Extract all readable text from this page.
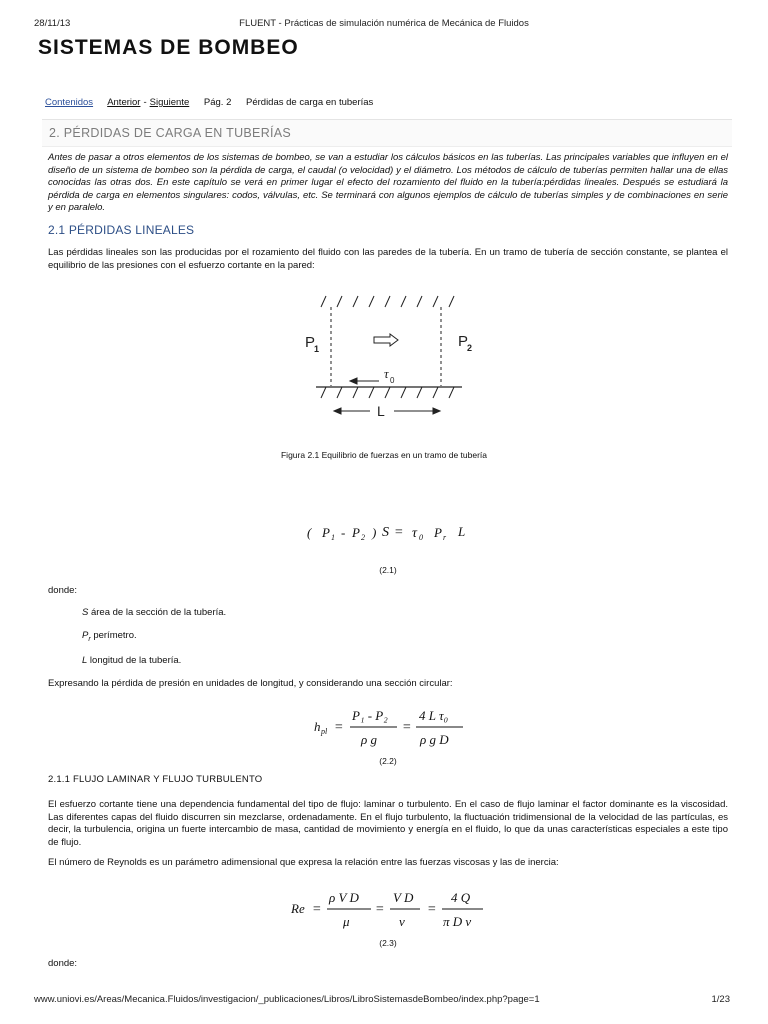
28/11/13	FLUENT - Prácticas de simulación numérica de Mecánica de Fluidos
SISTEMAS DE BOMBEO
Contenidos Anterior - Siguiente Pág. 2 Pérdidas de carga en tuberías
2. PÉRDIDAS DE CARGA EN TUBERÍAS
Antes de pasar a otros elementos de los sistemas de bombeo, se van a estudiar los cálculos básicos en las tuberías. Las principales variables que influyen en el diseño de un sistema de bombeo son la pérdida de carga, el caudal (o velocidad) y el diámetro. Los métodos de cálculo de tuberías permiten hallar una de ellas conocidas las otras dos. En este capítulo se verá en primer lugar el efecto del rozamiento del fluido en la tubería:pérdidas lineales. Después se estudiará la pérdida de carga en elementos singulares: codos, válvulas, etc. Se terminará con algunos ejemplos de cálculo de tuberías simples y de combinaciones en serie y en paralelo.
2.1 PÉRDIDAS LINEALES
Las pérdidas lineales son las producidas por el rozamiento del fluido con las paredes de la tubería. En un tramo de tubería de sección constante, se plantea el equilibrio de las presiones con el esfuerzo cortante en la pared:
P
1	P
2
τ 0
L
Figura 2.1 Equilibrio de fuerzas en un tramo de tubería
( P 1 - P 2 ) S = τ 0 P r L
(2.1)
donde:
S área de la sección de la tubería.
$P_r$ perímetro.
L longitud de la tubería.
Expresando la pérdida de presión en unidades de longitud, y considerando una sección circular:
h pl =
P₁ - P₂
ρ g
=
4 L τ₀
ρ g D
(2.2)
2.1.1 FLUJO LAMINAR Y FLUJO TURBULENTO
El esfuerzo cortante tiene una dependencia fundamental del tipo de flujo: laminar o turbulento. En el caso de flujo laminar el factor dominante es la viscosidad. Las diferentes capas del fluido discurren sin mezclarse, ordenadamente. En el flujo turbulento, la fluctuación tridimensional de la velocidad de las partículas, es decir, la turbulencia, origina un fuerte intercambio de masa, cantidad de movimiento y energía en el fluido, lo que da unas características especiales a este tipo de flujo.
El número de Reynolds es un parámetro adimensional que expresa la relación entre las fuerzas viscosas y las de inercia:
Re =
ρ V D
μ
=
V D
ν
=
4 Q
π D ν
(2.3)
donde:
www.uniovi.es/Areas/Mecanica.Fluidos/investigacion/_publicaciones/Libros/LibroSistemasdeBombeo/index.php?page=1	1/23
